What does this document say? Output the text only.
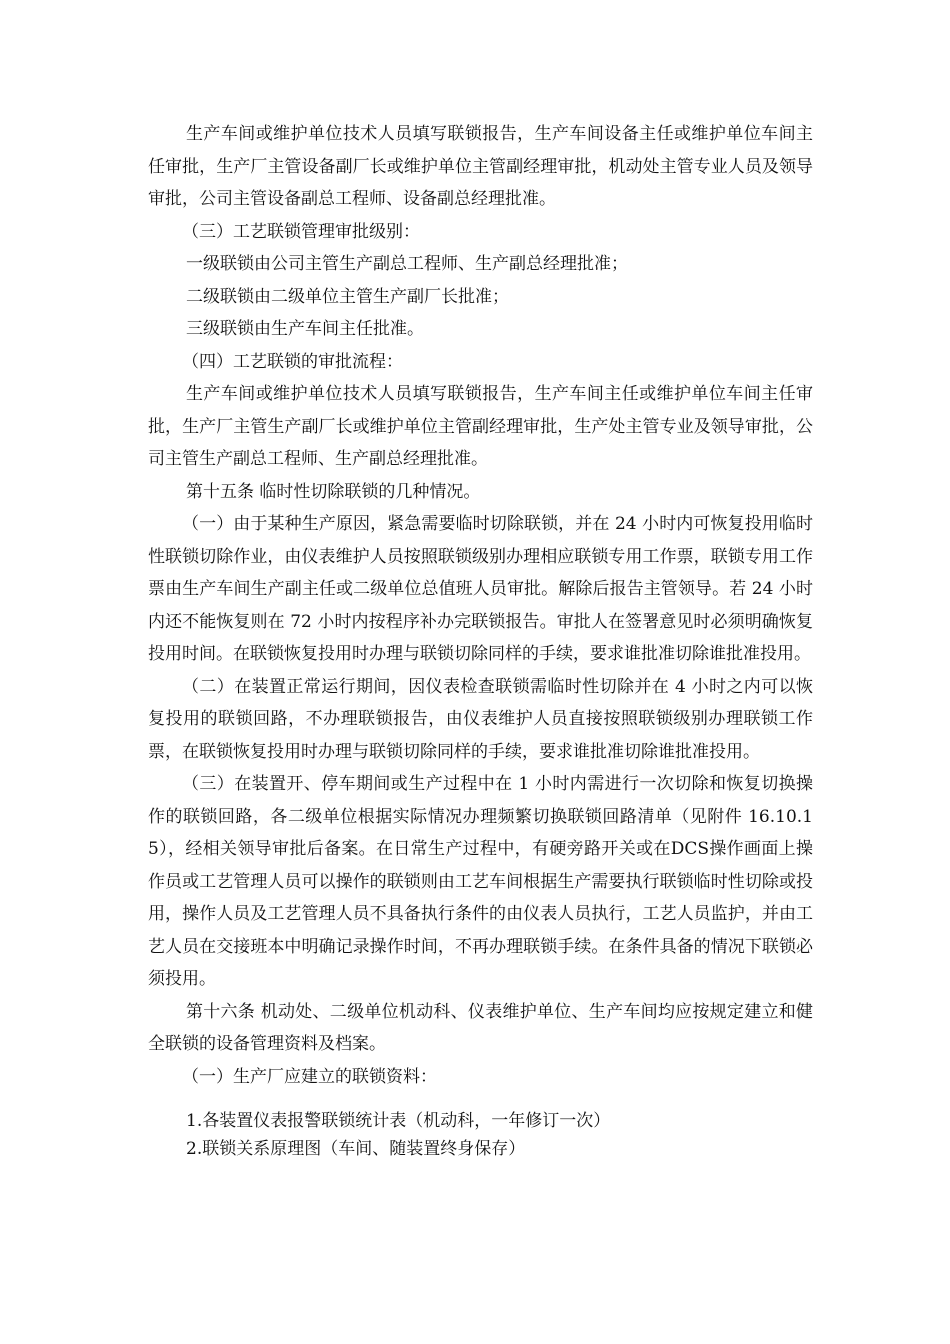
生产车间或维护单位技术人员填写联锁报告，生产车间设备主任或维护单位车间主任审批，生产厂主管设备副厂长或维护单位主管副经理审批，机动处主管专业人员及领导审批，公司主管设备副总工程师、设备副总经理批准。

（三）工艺联锁管理审批级别：

一级联锁由公司主管生产副总工程师、生产副总经理批准；

二级联锁由二级单位主管生产副厂长批准；

三级联锁由生产车间主任批准。

（四）工艺联锁的审批流程：

生产车间或维护单位技术人员填写联锁报告，生产车间主任或维护单位车间主任审批，生产厂主管生产副厂长或维护单位主管副经理审批，生产处主管专业及领导审批，公司主管生产副总工程师、生产副总经理批准。

第十五条 临时性切除联锁的几种情况。

（一）由于某种生产原因，紧急需要临时切除联锁，并在 24 小时内可恢复投用临时性联锁切除作业，由仪表维护人员按照联锁级别办理相应联锁专用工作票，联锁专用工作票由生产车间生产副主任或二级单位总值班人员审批。解除后报告主管领导。若 24 小时内还不能恢复则在 72 小时内按程序补办完联锁报告。审批人在签署意见时必须明确恢复投用时间。在联锁恢复投用时办理与联锁切除同样的手续，要求谁批准切除谁批准投用。

（二）在装置正常运行期间，因仪表检查联锁需临时性切除并在 4 小时之内可以恢复投用的联锁回路，不办理联锁报告，由仪表维护人员直接按照联锁级别办理联锁工作票，在联锁恢复投用时办理与联锁切除同样的手续，要求谁批准切除谁批准投用。

（三）在装置开、停车期间或生产过程中在 1 小时内需进行一次切除和恢复切换操作的联锁回路，各二级单位根据实际情况办理频繁切换联锁回路清单（见附件 16.10.15），经相关领导审批后备案。在日常生产过程中，有硬旁路开关或在DCS操作画面上操作员或工艺管理人员可以操作的联锁则由工艺车间根据生产需要执行联锁临时性切除或投用，操作人员及工艺管理人员不具备执行条件的由仪表人员执行，工艺人员监护，并由工艺人员在交接班本中明确记录操作时间，不再办理联锁手续。在条件具备的情况下联锁必须投用。

第十六条 机动处、二级单位机动科、仪表维护单位、生产车间均应按规定建立和健全联锁的设备管理资料及档案。

（一）生产厂应建立的联锁资料：

1.各装置仪表报警联锁统计表（机动科，一年修订一次）

2.联锁关系原理图（车间、随装置终身保存）
